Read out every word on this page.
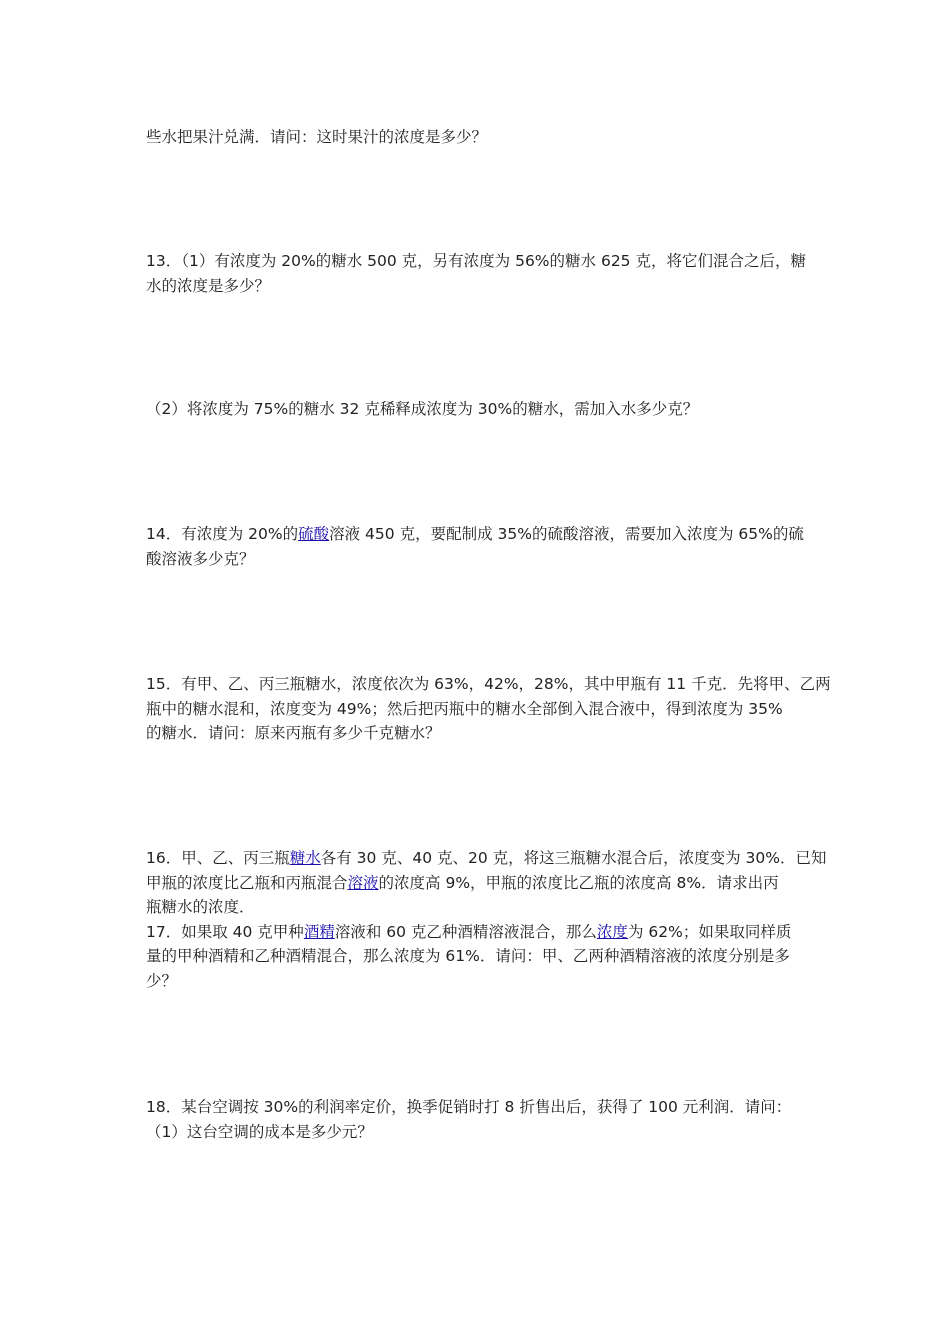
些水把果汁兑满．请问：这时果汁的浓度是多少？

13．（1）有浓度为 20%的糖水 500 克，另有浓度为 56%的糖水 625 克，将它们混合之后，糖
水的浓度是多少？

（2）将浓度为 75%的糖水 32 克稀释成浓度为 30%的糖水，需加入水多少克？

14．有浓度为 20%的硫酸溶液 450 克，要配制成 35%的硫酸溶液，需要加入浓度为 65%的硫
酸溶液多少克？

15．有甲、乙、丙三瓶糖水，浓度依次为 63%，42%，28%，其中甲瓶有 11 千克．先将甲、乙两
瓶中的糖水混和，浓度变为 49%；然后把丙瓶中的糖水全部倒入混合液中，得到浓度为 35%
的糖水．请问：原来丙瓶有多少千克糖水？

16．甲、乙、丙三瓶糖水各有 30 克、40 克、20 克，将这三瓶糖水混合后，浓度变为 30%．已知
甲瓶的浓度比乙瓶和丙瓶混合溶液的浓度高 9%，甲瓶的浓度比乙瓶的浓度高 8%．请求出丙
瓶糖水的浓度．
17．如果取 40 克甲种酒精溶液和 60 克乙种酒精溶液混合，那么浓度为 62%；如果取同样质
量的甲种酒精和乙种酒精混合，那么浓度为 61%．请问：甲、乙两种酒精溶液的浓度分别是多
少？

18．某台空调按 30%的利润率定价，换季促销时打 8 折售出后，获得了 100 元利润．请问：
（1）这台空调的成本是多少元？
